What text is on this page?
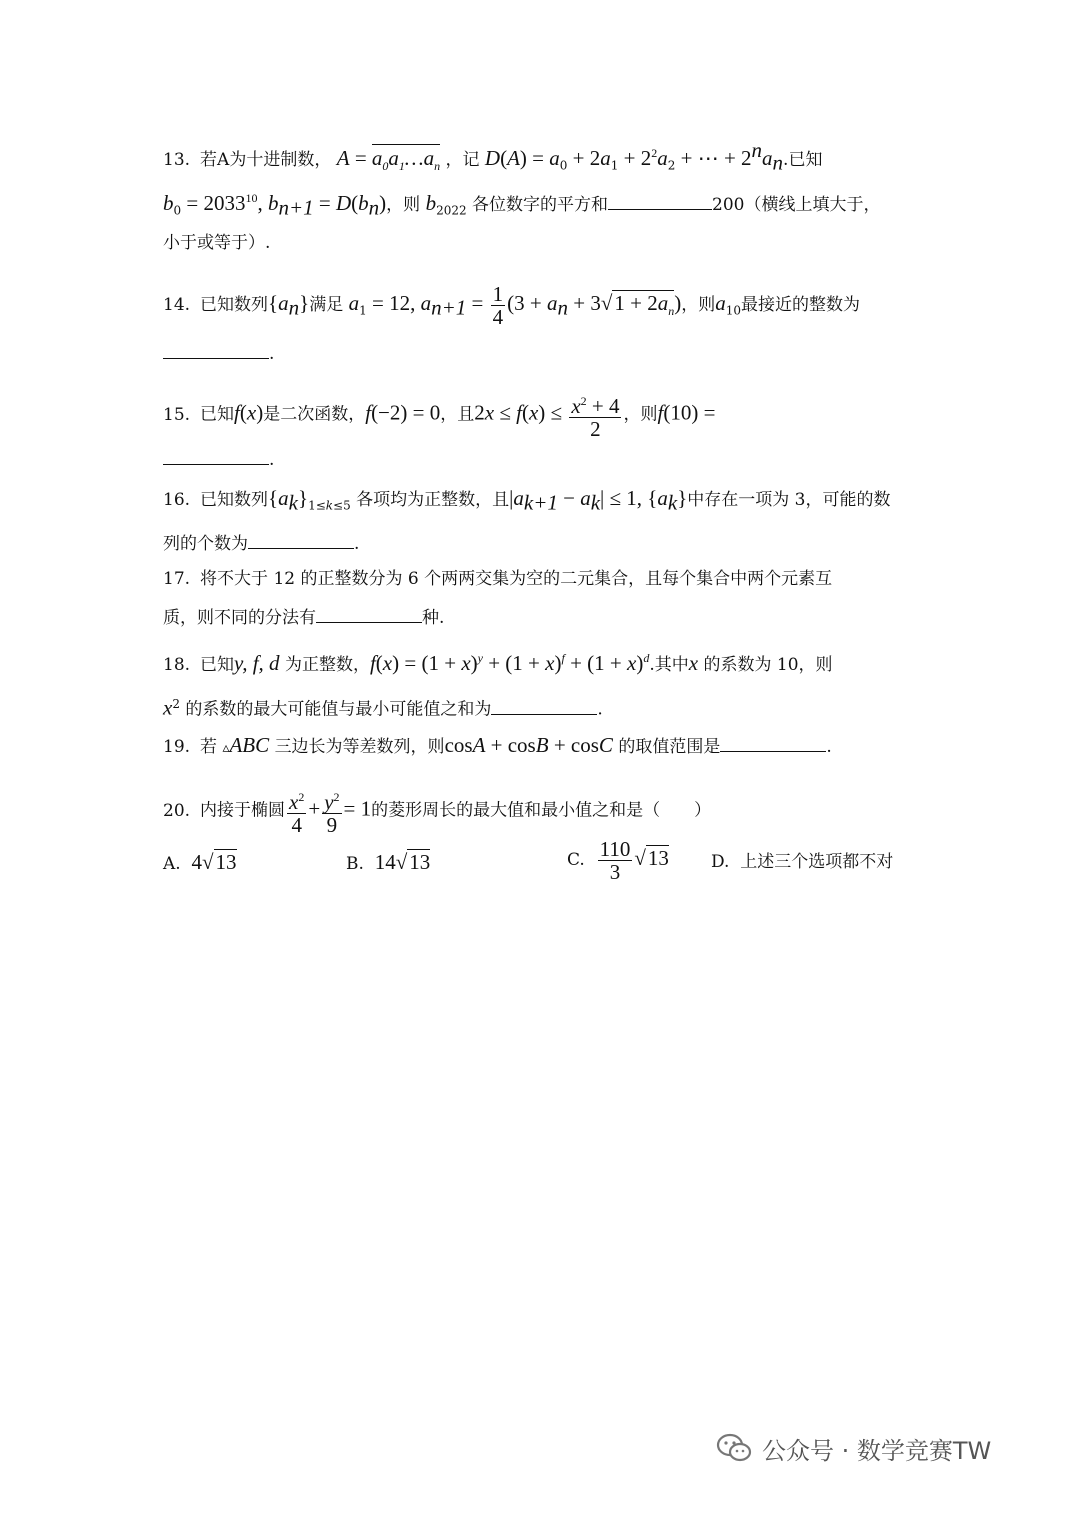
13. 若A为十进制数， $A = a_0a_1\dots a_n$ ，记 $D(A) = a_0 + 2a_1 + 2^2a_2$ + ⋯ + $2^na_n$.已知
$b_0 = 2033^{10}$, $b_{n+1} = D(b_n)$，则 $b_{2022}$ 各位数字的平方和	200（横线上填大于，
小于或等于）.
14. 已知数列$\{a_n\}$满足 $a_1 = 12$, $a_{n+1} = \frac{1}{4} (3 + a_n + 3√1 + 2a_n)$，则$a_{10}$最接近的整数为
.
15. 已知f(x)是二次函数，f(−2) = 0，且$2x \le f(x) \le \frac{x^2 + 4}{2}$ ，则f(10) =
.
16. 已知数列$\{a_k\}_{1\le k\le 5}$ 各项均为正整数，且$|a_{k+1} - a_k| \le 1$, $\{a_k\}$中存在一项为 3，可能的数
列的个数为	.
17. 将不大于 12 的正整数分为 6 个两两交集为空的二元集合，且每个集合中两个元素互
质，则不同的分法有	种.
18. 已知y, f, d 为正整数，$f(x) = (1 + x)^y + (1 + x)^f + (1 + x)^d$.其中x 的系数为 10，则
$x^2$ 的系数的最大可能值与最小可能值之和为	.
19. 若 ▵ABC 三边长为等差数列，则cosA + cosB + cosC 的取值范围是	.
20. 内接于椭圆 $\frac{x^2}{4} + \frac{y^2}{9} = 1$的菱形周长的最大值和最小值之和是（　　）
A. 4√13	B. 14√13	C. $\frac{110}{3} √13$ D. 上述三个选项都不对
公众号 · 数学竞赛TW
